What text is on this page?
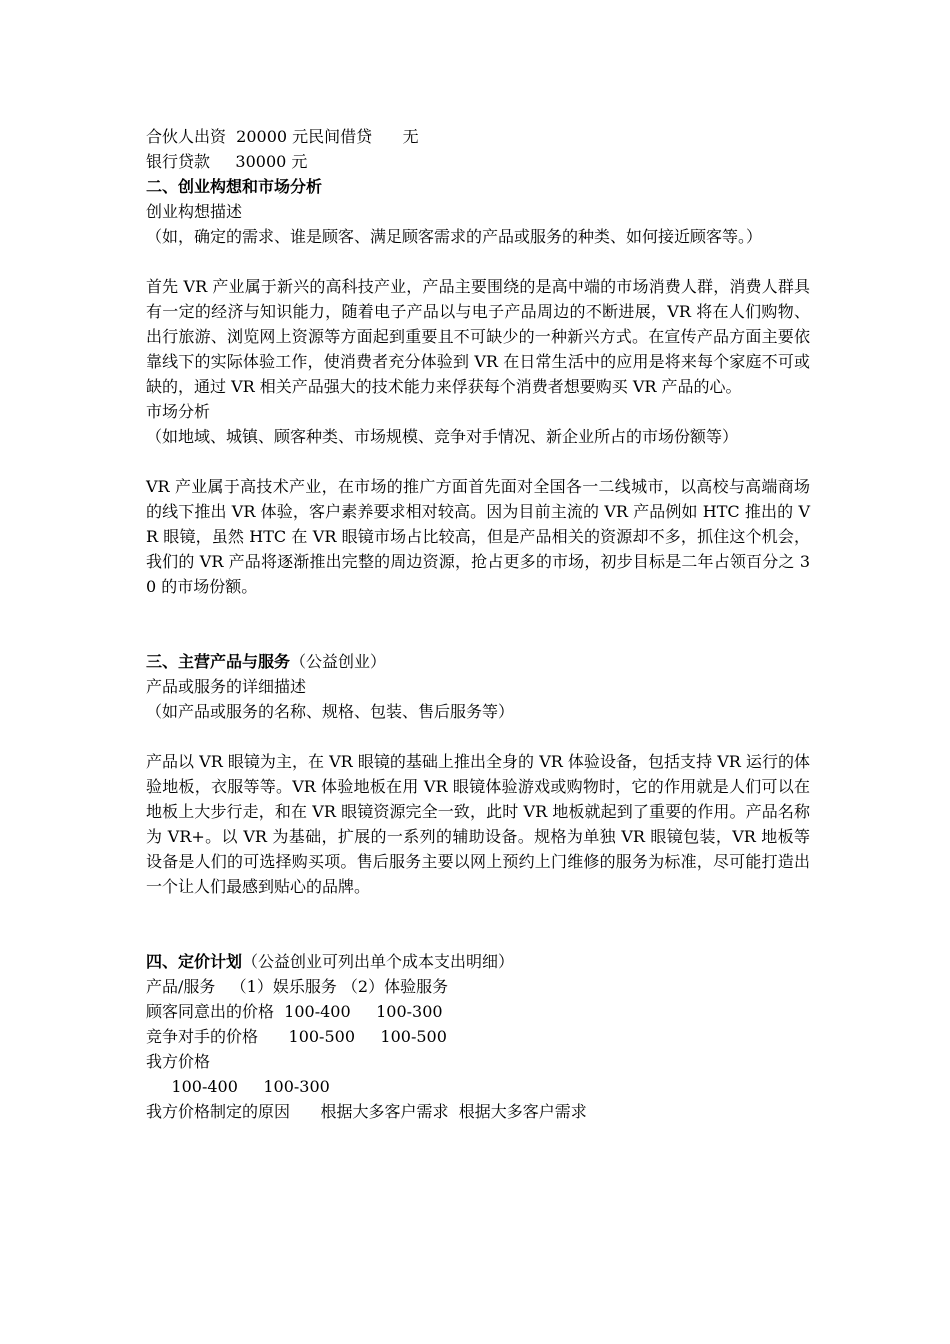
合伙人出资  20000 元民间借贷      无
银行贷款     30000 元
二、创业构想和市场分析
创业构想描述
（如，确定的需求、谁是顾客、满足顾客需求的产品或服务的种类、如何接近顾客等。）
首先 VR 产业属于新兴的高科技产业，产品主要围绕的是高中端的市场消费人群，消费人群具有一定的经济与知识能力，随着电子产品以与电子产品周边的不断进展，VR 将在人们购物、出行旅游、浏览网上资源等方面起到重要且不可缺少的一种新兴方式。在宣传产品方面主要依靠线下的实际体验工作，使消费者充分体验到 VR 在日常生活中的应用是将来每个家庭不可或缺的，通过 VR 相关产品强大的技术能力来俘获每个消费者想要购买 VR 产品的心。
市场分析
（如地域、城镇、顾客种类、市场规模、竞争对手情况、新企业所占的市场份额等）
VR 产业属于高技术产业，在市场的推广方面首先面对全国各一二线城市，以高校与高端商场的线下推出 VR 体验，客户素养要求相对较高。因为目前主流的 VR 产品例如 HTC 推出的 VR 眼镜，虽然 HTC 在 VR 眼镜市场占比较高，但是产品相关的资源却不多，抓住这个机会，我们的 VR 产品将逐渐推出完整的周边资源，抢占更多的市场，初步目标是二年占领百分之 30 的市场份额。
三、主营产品与服务（公益创业）
产品或服务的详细描述
（如产品或服务的名称、规格、包装、售后服务等）
产品以 VR 眼镜为主，在 VR 眼镜的基础上推出全身的 VR 体验设备，包括支持 VR 运行的体验地板，衣服等等。VR 体验地板在用 VR 眼镜体验游戏或购物时，它的作用就是人们可以在地板上大步行走，和在 VR 眼镜资源完全一致，此时 VR 地板就起到了重要的作用。产品名称为 VR+。以 VR 为基础，扩展的一系列的辅助设备。规格为单独 VR 眼镜包装，VR 地板等设备是人们的可选择购买项。售后服务主要以网上预约上门维修的服务为标准，尽可能打造出一个让人们最感到贴心的品牌。
四、定价计划（公益创业可列出单个成本支出明细）
产品/服务   （1）娱乐服务 （2）体验服务
顾客同意出的价格  100-400     100-300
竞争对手的价格      100-500     100-500
我方价格
100-400     100-300
我方价格制定的原因      根据大多客户需求  根据大多客户需求
